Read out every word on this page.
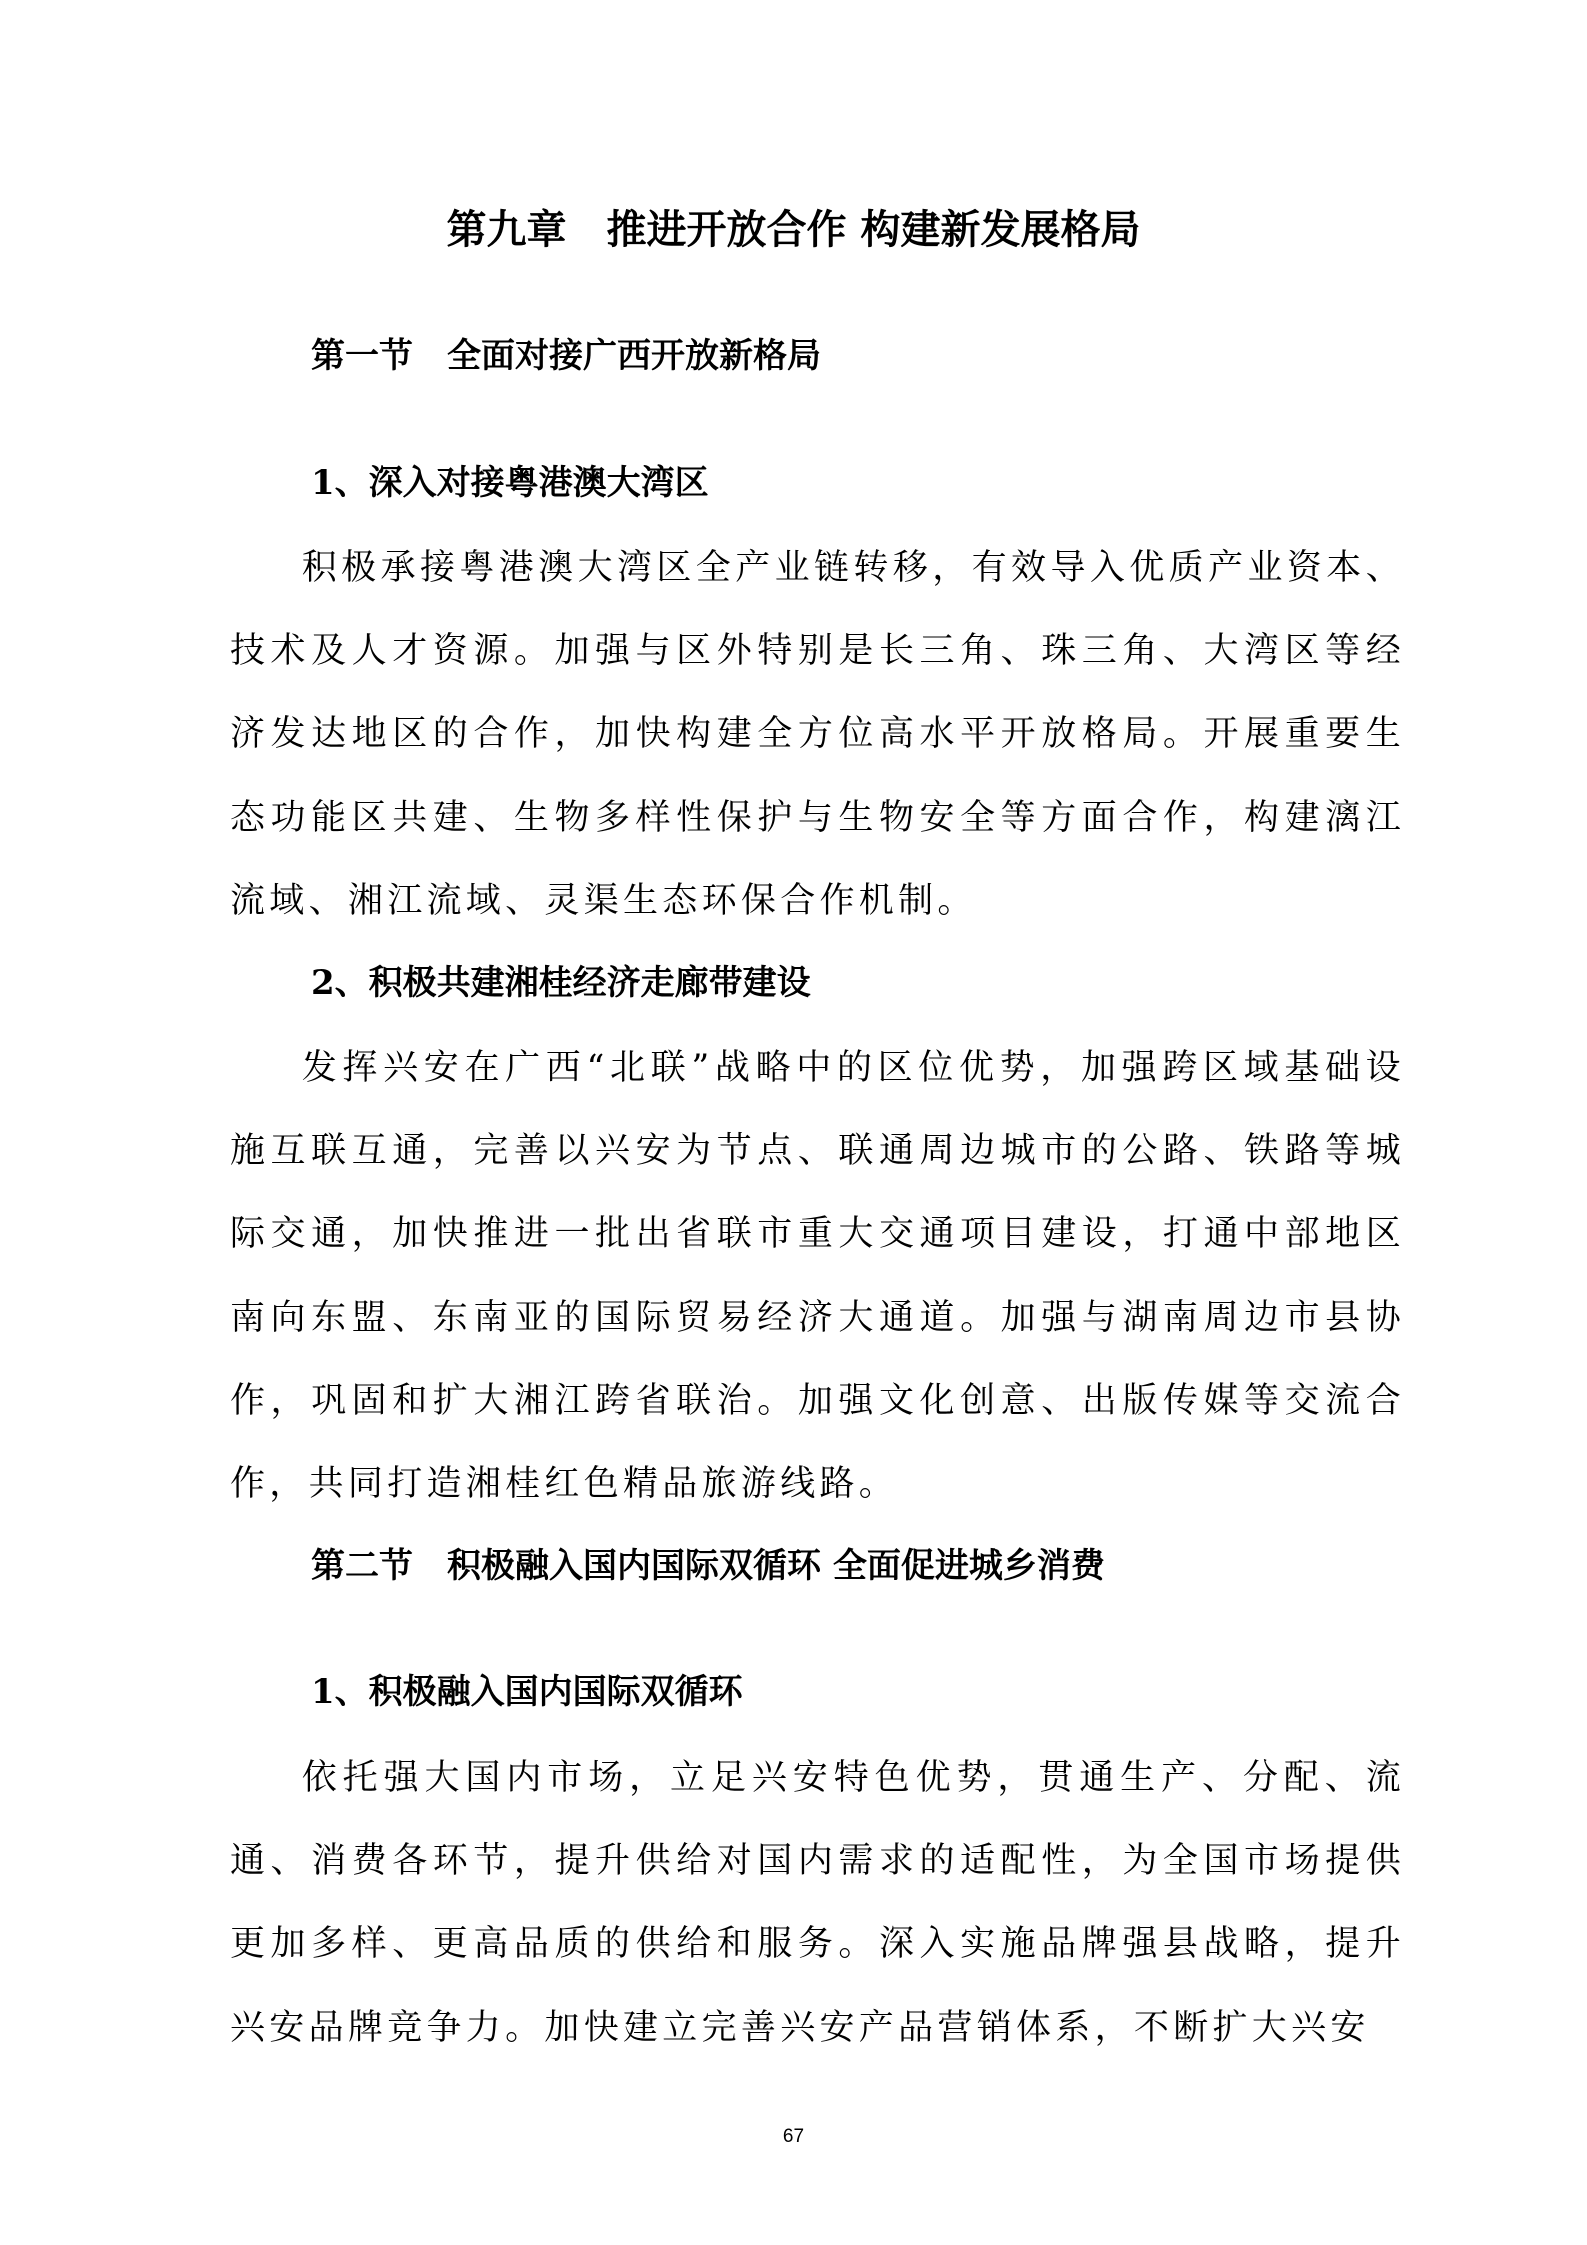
第九章　推进开放合作 构建新发展格局
第一节　全面对接广西开放新格局
1、深入对接粤港澳大湾区

积极承接粤港澳大湾区全产业链转移，有效导入优质产业资本、技术及人才资源。加强与区外特别是长三角、珠三角、大湾区等经济发达地区的合作，加快构建全方位高水平开放格局。开展重要生态功能区共建、生物多样性保护与生物安全等方面合作，构建漓江流域、湘江流域、灵渠生态环保合作机制。

2、积极共建湘桂经济走廊带建设

发挥兴安在广西“北联”战略中的区位优势，加强跨区域基础设施互联互通，完善以兴安为节点、联通周边城市的公路、铁路等城际交通，加快推进一批出省联市重大交通项目建设，打通中部地区南向东盟、东南亚的国际贸易经济大通道。加强与湖南周边市县协作，巩固和扩大湘江跨省联治。加强文化创意、出版传媒等交流合作，共同打造湘桂红色精品旅游线路。

第二节　积极融入国内国际双循环 全面促进城乡消费
1、积极融入国内国际双循环

依托强大国内市场，立足兴安特色优势，贯通生产、分配、流通、消费各环节，提升供给对国内需求的适配性，为全国市场提供更加多样、更高品质的供给和服务。深入实施品牌强县战略，提升兴安品牌竞争力。加快建立完善兴安产品营销体系，不断扩大兴安

67
